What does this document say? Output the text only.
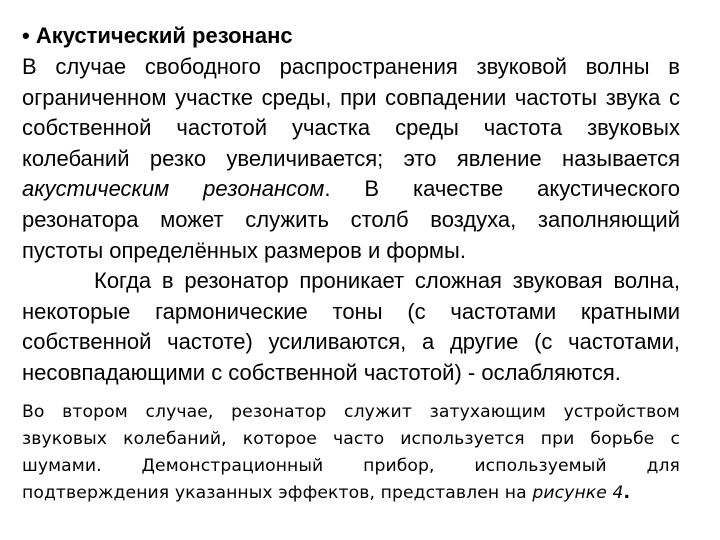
• Акустический резонанс

В случае свободного распространения звуковой волны в ограниченном участке среды, при совпадении частоты звука с собственной частотой участка среды частота звуковых колебаний резко увеличивается; это явление называется акустическим резонансом. В качестве акустического резонатора может служить столб воздуха, заполняющий пустоты определённых размеров и формы.

Когда в резонатор проникает сложная звуковая волна, некоторые гармонические тоны (с частотами кратными собственной частоте) усиливаются, а другие (с частотами, несовпадающими с собственной частотой) - ослабляются.

Во втором случае, резонатор служит затухающим устройством звуковых колебаний, которое часто используется при борьбе с шумами. Демонстрационный прибор, используемый для подтверждения указанных эффектов, представлен на рисунке 4.
